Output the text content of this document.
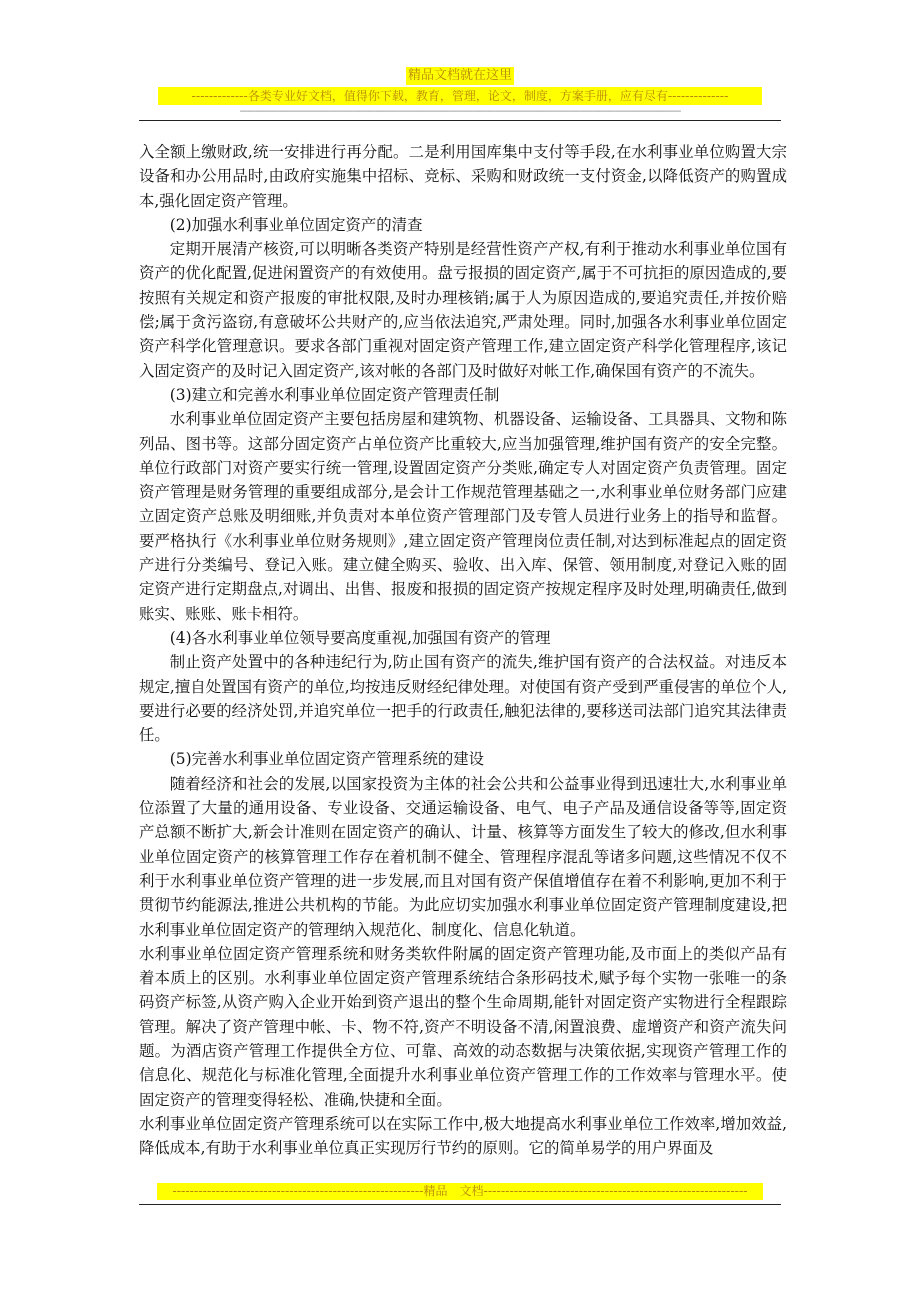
精品文档就在这里
-------------各类专业好文档，值得你下载，教育，管理，论文，制度，方案手册，应有尽有--------------
-------------------------------------------------------------------------------------------------------------------------------------------------------------------------

入全额上缴财政,统一安排进行再分配。二是利用国库集中支付等手段,在水利事业单位购置大宗设备和办公用品时,由政府实施集中招标、竞标、采购和财政统一支付资金,以降低资产的购置成本,强化固定资产管理。

(2)加强水利事业单位固定资产的清查

定期开展清产核资,可以明晰各类资产特别是经营性资产产权,有利于推动水利事业单位国有资产的优化配置,促进闲置资产的有效使用。盘亏报损的固定资产,属于不可抗拒的原因造成的,要按照有关规定和资产报废的审批权限,及时办理核销;属于人为原因造成的,要追究责任,并按价赔偿;属于贪污盗窃,有意破坏公共财产的,应当依法追究,严肃处理。同时,加强各水利事业单位固定资产科学化管理意识。要求各部门重视对固定资产管理工作,建立固定资产科学化管理程序,该记入固定资产的及时记入固定资产,该对帐的各部门及时做好对帐工作,确保国有资产的不流失。

(3)建立和完善水利事业单位固定资产管理责任制

水利事业单位固定资产主要包括房屋和建筑物、机器设备、运输设备、工具器具、文物和陈列品、图书等。这部分固定资产占单位资产比重较大,应当加强管理,维护国有资产的安全完整。单位行政部门对资产要实行统一管理,设置固定资产分类账,确定专人对固定资产负责管理。固定资产管理是财务管理的重要组成部分,是会计工作规范管理基础之一,水利事业单位财务部门应建立固定资产总账及明细账,并负责对本单位资产管理部门及专管人员进行业务上的指导和监督。要严格执行《水利事业单位财务规则》,建立固定资产管理岗位责任制,对达到标准起点的固定资产进行分类编号、登记入账。建立健全购买、验收、出入库、保管、领用制度,对登记入账的固定资产进行定期盘点,对调出、出售、报废和报损的固定资产按规定程序及时处理,明确责任,做到账实、账账、账卡相符。

(4)各水利事业单位领导要高度重视,加强国有资产的管理

制止资产处置中的各种违纪行为,防止国有资产的流失,维护国有资产的合法权益。对违反本规定,擅自处置国有资产的单位,均按违反财经纪律处理。对使国有资产受到严重侵害的单位个人,要进行必要的经济处罚,并追究单位一把手的行政责任,触犯法律的,要移送司法部门追究其法律责任。

(5)完善水利事业单位固定资产管理系统的建设

随着经济和社会的发展,以国家投资为主体的社会公共和公益事业得到迅速壮大,水利事业单位添置了大量的通用设备、专业设备、交通运输设备、电气、电子产品及通信设备等等,固定资产总额不断扩大,新会计准则在固定资产的确认、计量、核算等方面发生了较大的修改,但水利事业单位固定资产的核算管理工作存在着机制不健全、管理程序混乱等诸多问题,这些情况不仅不利于水利事业单位资产管理的进一步发展,而且对国有资产保值增值存在着不利影响,更加不利于贯彻节约能源法,推进公共机构的节能。为此应切实加强水利事业单位固定资产管理制度建设,把水利事业单位固定资产的管理纳入规范化、制度化、信息化轨道。

水利事业单位固定资产管理系统和财务类软件附属的固定资产管理功能,及市面上的类似产品有着本质上的区别。水利事业单位固定资产管理系统结合条形码技术,赋予每个实物一张唯一的条码资产标签,从资产购入企业开始到资产退出的整个生命周期,能针对固定资产实物进行全程跟踪管理。解决了资产管理中帐、卡、物不符,资产不明设备不清,闲置浪费、虚增资产和资产流失问题。为酒店资产管理工作提供全方位、可靠、高效的动态数据与决策依据,实现资产管理工作的信息化、规范化与标准化管理,全面提升水利事业单位资产管理工作的工作效率与管理水平。使固定资产的管理变得轻松、准确,快捷和全面。

水利事业单位固定资产管理系统可以在实际工作中,极大地提高水利事业单位工作效率,增加效益,降低成本,有助于水利事业单位真正实现厉行节约的原则。它的简单易学的用户界面及

----------------------------------------------------------精品　文档-------------------------------------------------------------
